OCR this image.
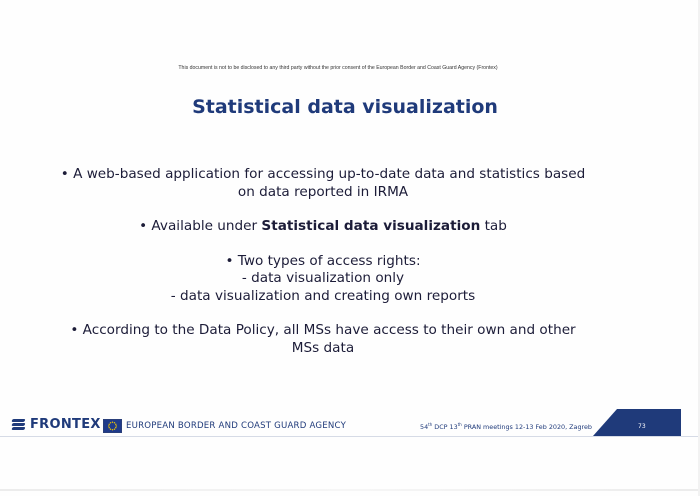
This document is not to be disclosed to any third party without the prior consent of the European Border and Coast Guard Agency (Frontex)
Statistical data visualization

• A web-based application for accessing up-to-date data and statistics based
on data reported in IRMA

• Available under Statistical data visualization tab

• Two types of access rights:
- data visualization only
- data visualization and creating own reports

• According to the Data Policy, all MSs have access to their own and other
MSs data

FRONTEX	EUROPEAN BORDER AND COAST GUARD AGENCY	54th DCP 13th PRAN meetings 12-13 Feb 2020, Zagreb	73
